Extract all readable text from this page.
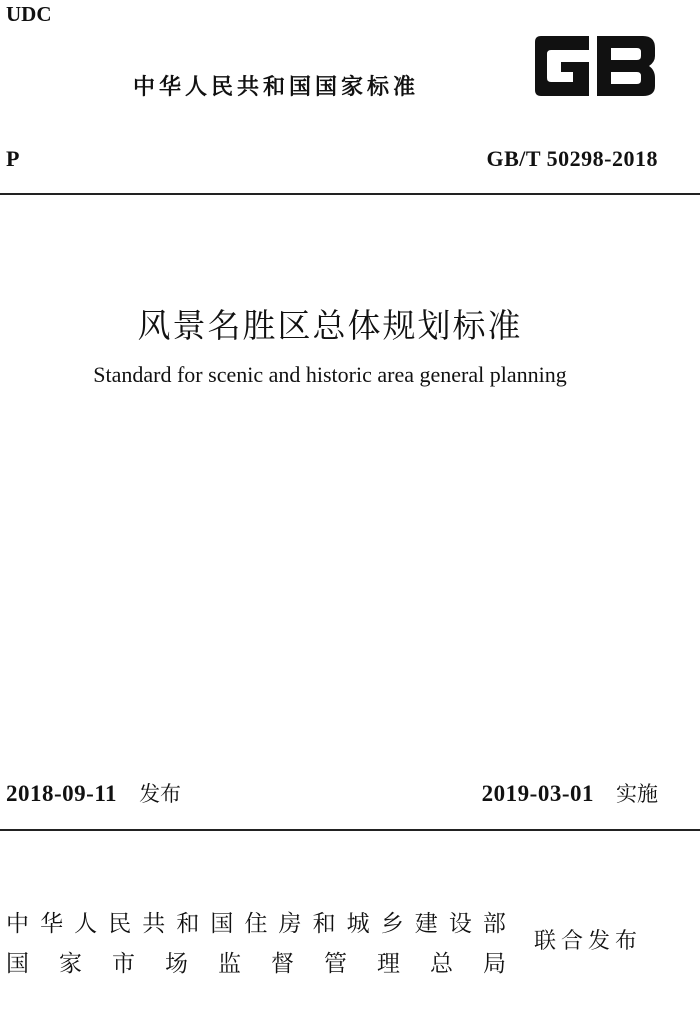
UDC
中华人民共和国国家标准
P	GB/T 50298-2018
风景名胜区总体规划标准
Standard for scenic and historic area general planning
2018-09-11 发布	2019-03-01 实施
中 华 人 民 共 和 国 住 房 和 城 乡 建 设 部
国 家 市 场 监 督 管 理 总 局
联合发布
